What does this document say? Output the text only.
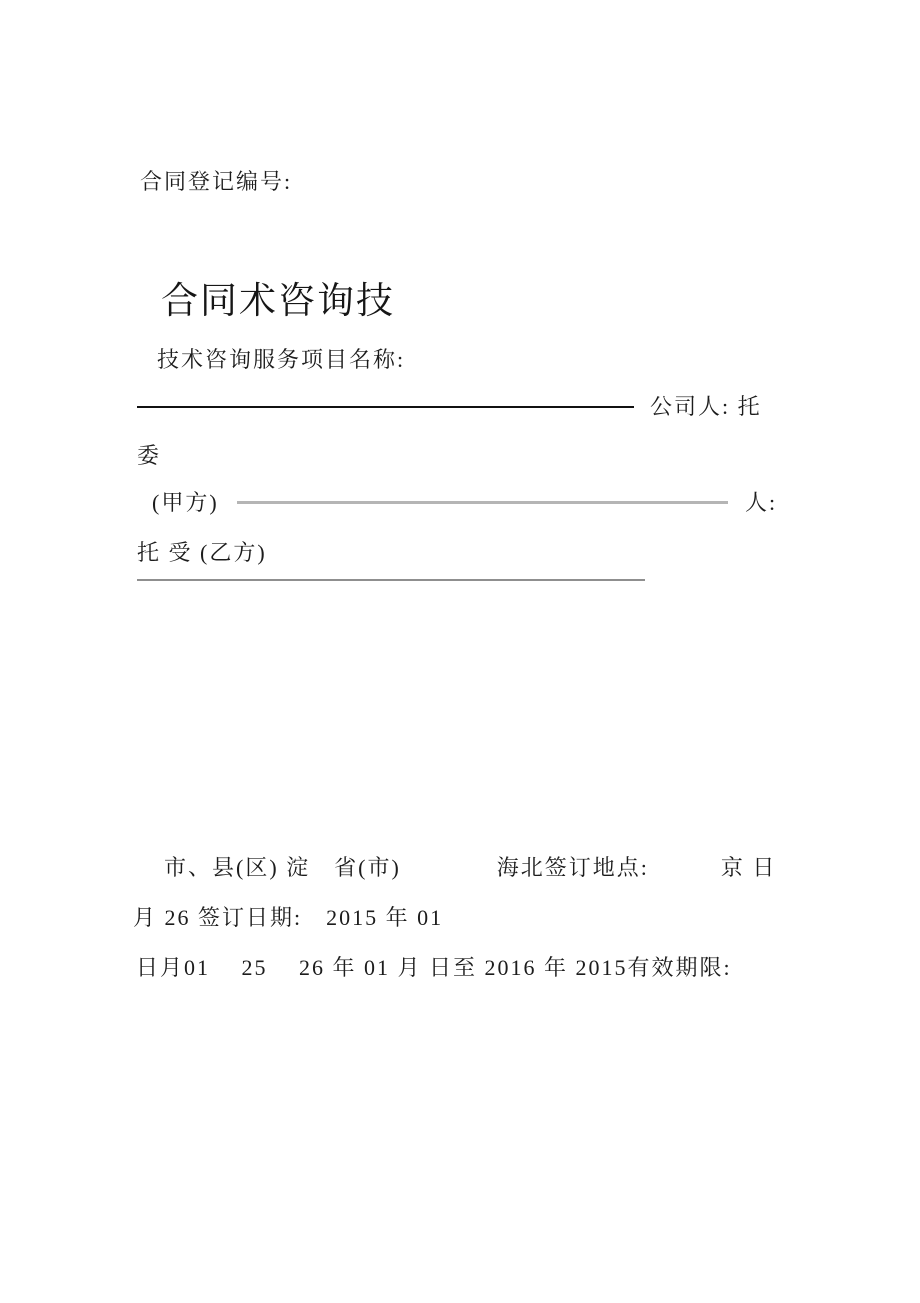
合同登记编号:
合同术咨询技
技术咨询服务项目名称:
公司人: 托
委
(甲方)	人:
托 受 (乙方)
市、县(区) 淀　省(市)　　　　海北签订地点:　　　京 日
月 26 签订日期:　2015 年 01
日月01　 25　 26 年 01 月 日至 2016 年 2015有效期限:
